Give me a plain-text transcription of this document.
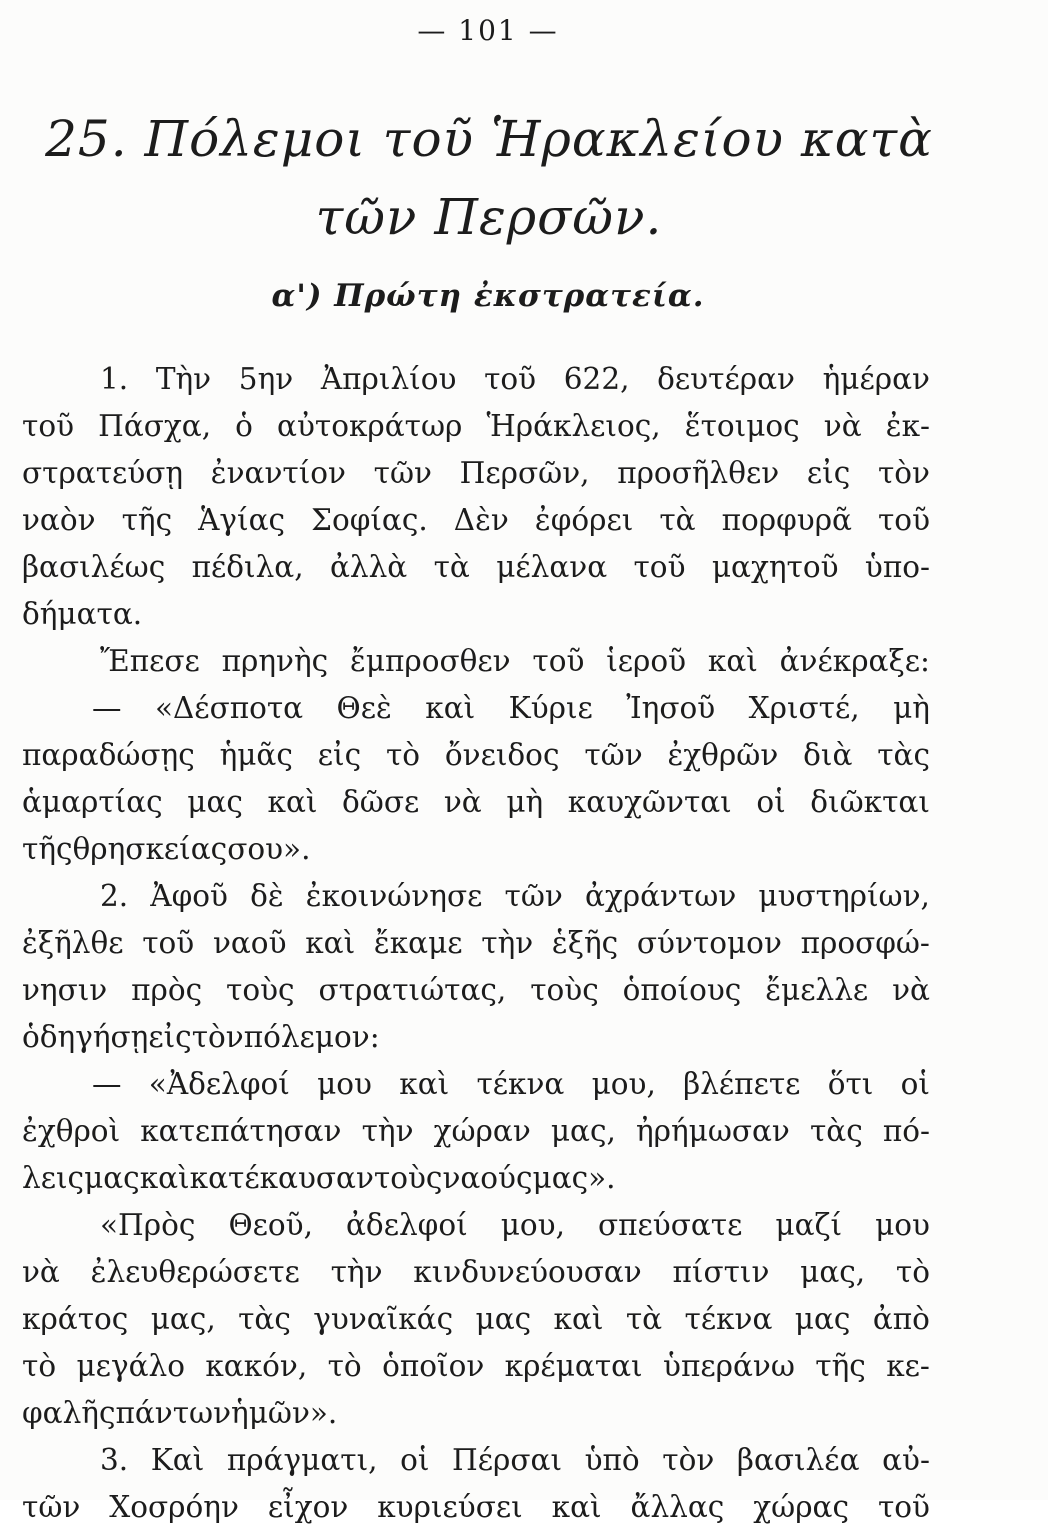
— 101 —
25. Πόλεμοι τοῦ Ἡρακλείου κατὰ
τῶν Περσῶν.
α') Πρώτη ἐκστρατεία.
1. Τὴν 5ην Ἀπριλίου τοῦ 622, δευτέραν ἡμέραν
τοῦ Πάσχα, ὁ αὐτοκράτωρ Ἡράκλειος, ἕτοιμος νὰ ἐκ-
στρατεύσῃ ἐναντίον τῶν Περσῶν, προσῆλθεν εἰς τὸν
ναὸν τῆς Ἁγίας Σοφίας. Δὲν ἐφόρει τὰ πορφυρᾶ τοῦ
βασιλέως πέδιλα, ἀλλὰ τὰ μέλανα τοῦ μαχητοῦ ὑπο-
δήματα.
Ἔπεσε πρηνὴς ἔμπροσθεν τοῦ ἱεροῦ καὶ ἀνέκραξε:
— «Δέσποτα Θεὲ καὶ Κύριε Ἰησοῦ Χριστέ, μὴ
παραδώσῃς ἡμᾶς εἰς τὸ ὄνειδος τῶν ἐχθρῶν διὰ τὰς
ἁμαρτίας μας καὶ δῶσε νὰ μὴ καυχῶνται οἱ διῶκται
τῆς θρησκείας σου».
2. Ἀφοῦ δὲ ἐκοινώνησε τῶν ἀχράντων μυστηρίων,
ἐξῆλθε τοῦ ναοῦ καὶ ἔκαμε τὴν ἑξῆς σύντομον προσφώ-
νησιν πρὸς τοὺς στρατιώτας, τοὺς ὁποίους ἔμελλε νὰ
ὁδηγήσῃ εἰς τὸν πόλεμον:
— «Ἀδελφοί μου καὶ τέκνα μου, βλέπετε ὅτι οἱ
ἐχθροὶ κατεπάτησαν τὴν χώραν μας, ἠρήμωσαν τὰς πό-
λεις μας καὶ κατέκαυσαν τοὺς ναούς μας».
«Πρὸς Θεοῦ, ἀδελφοί μου, σπεύσατε μαζί μου
νὰ ἐλευθερώσετε τὴν κινδυνεύουσαν πίστιν μας, τὸ
κράτος μας, τὰς γυναῖκάς μας καὶ τὰ τέκνα μας ἀπὸ
τὸ μεγάλο κακόν, τὸ ὁποῖον κρέμαται ὑπεράνω τῆς κε-
φαλῆς πάντων ἡμῶν».
3. Καὶ πράγματι, οἱ Πέρσαι ὑπὸ τὸν βασιλέα αὐ-
τῶν Χοσρόην εἶχον κυριεύσει καὶ ἄλλας χώρας τοῦ
